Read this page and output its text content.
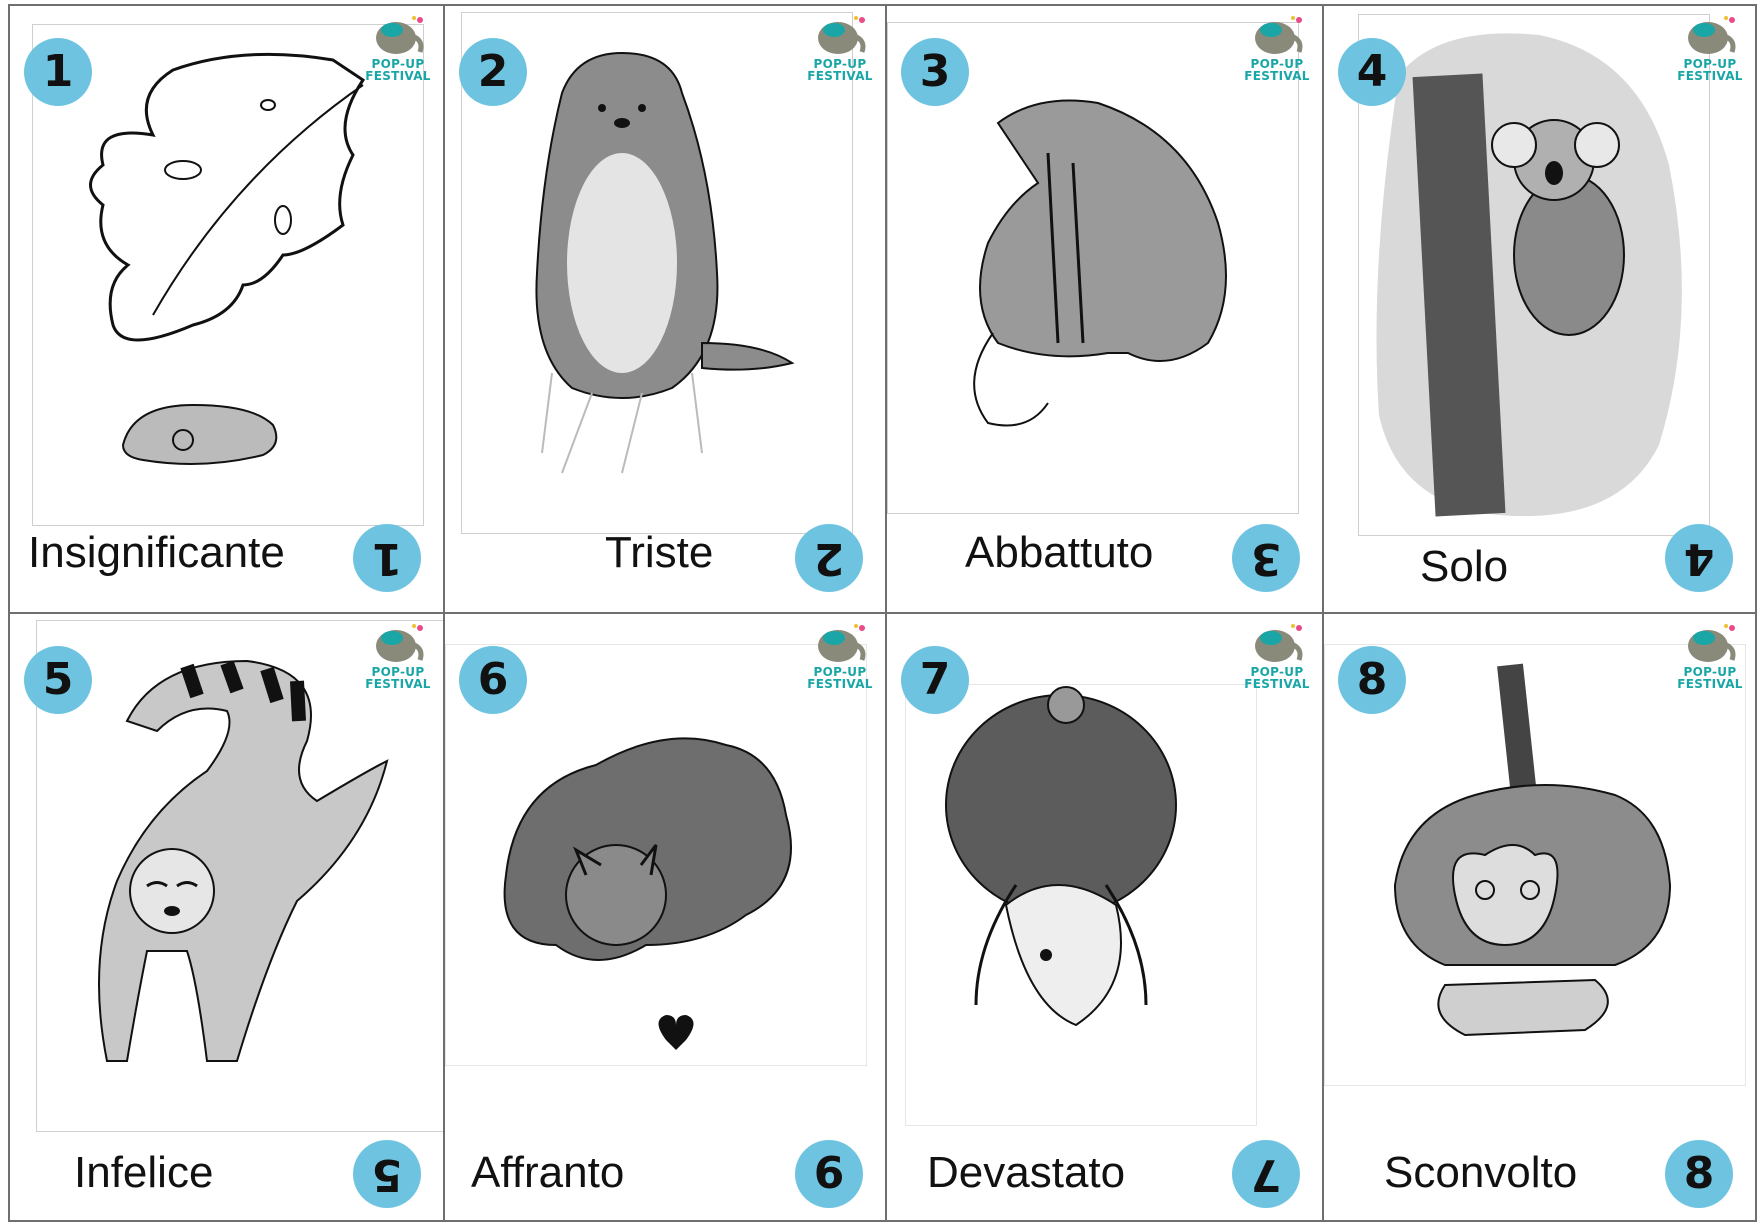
1	POP-UP
FESTIVAL
Insignificante	1
2	POP-UP
FESTIVAL
Triste	2
3	POP-UP
FESTIVAL
Abbattuto	3
4	POP-UP
FESTIVAL
Solo	4
5	POP-UP
FESTIVAL
Infelice	5
6	POP-UP
FESTIVAL
Affranto	6
7	POP-UP
FESTIVAL
Devastato	7
8	POP-UP
FESTIVAL
Sconvolto	8
